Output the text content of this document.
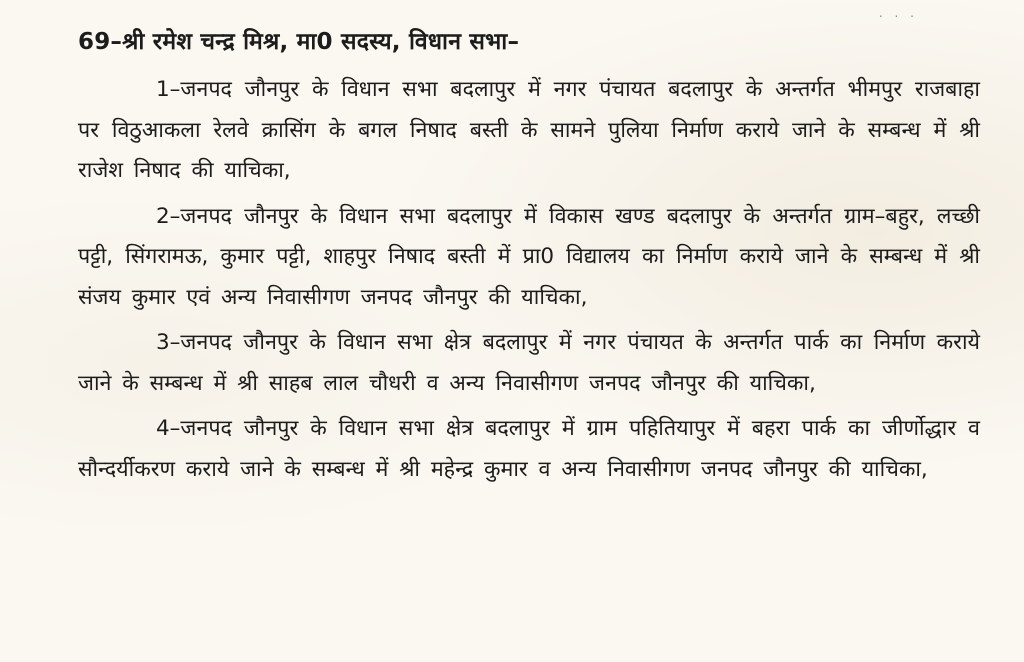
. . .
69–श्री रमेश चन्द्र मिश्र, मा0 सदस्य, विधान सभा–

1–जनपद जौनपुर के विधान सभा बदलापुर में नगर पंचायत बदलापुर के अन्तर्गत भीमपुर राजबाहा पर विठुआकला रेलवे क्रासिंग के बगल निषाद बस्ती के सामने पुलिया निर्माण कराये जाने के सम्बन्ध में श्री राजेश निषाद की याचिका,

2–जनपद जौनपुर के विधान सभा बदलापुर में विकास खण्ड बदलापुर के अन्तर्गत ग्राम–बहुर, लच्छी पट्टी, सिंगरामऊ, कुमार पट्टी, शाहपुर निषाद बस्ती में प्रा0 विद्यालय का निर्माण कराये जाने के सम्बन्ध में श्री संजय कुमार एवं अन्य निवासीगण जनपद जौनपुर की याचिका,

3–जनपद जौनपुर के विधान सभा क्षेत्र बदलापुर में नगर पंचायत के अन्तर्गत पार्क का निर्माण कराये जाने के सम्बन्ध में श्री साहब लाल चौधरी व अन्य निवासीगण जनपद जौनपुर की याचिका,

4–जनपद जौनपुर के विधान सभा क्षेत्र बदलापुर में ग्राम पहितियापुर में बहरा पार्क का जीर्णोद्धार व सौन्दर्यीकरण कराये जाने के सम्बन्ध में श्री महेन्द्र कुमार व अन्य निवासीगण जनपद जौनपुर की याचिका,
